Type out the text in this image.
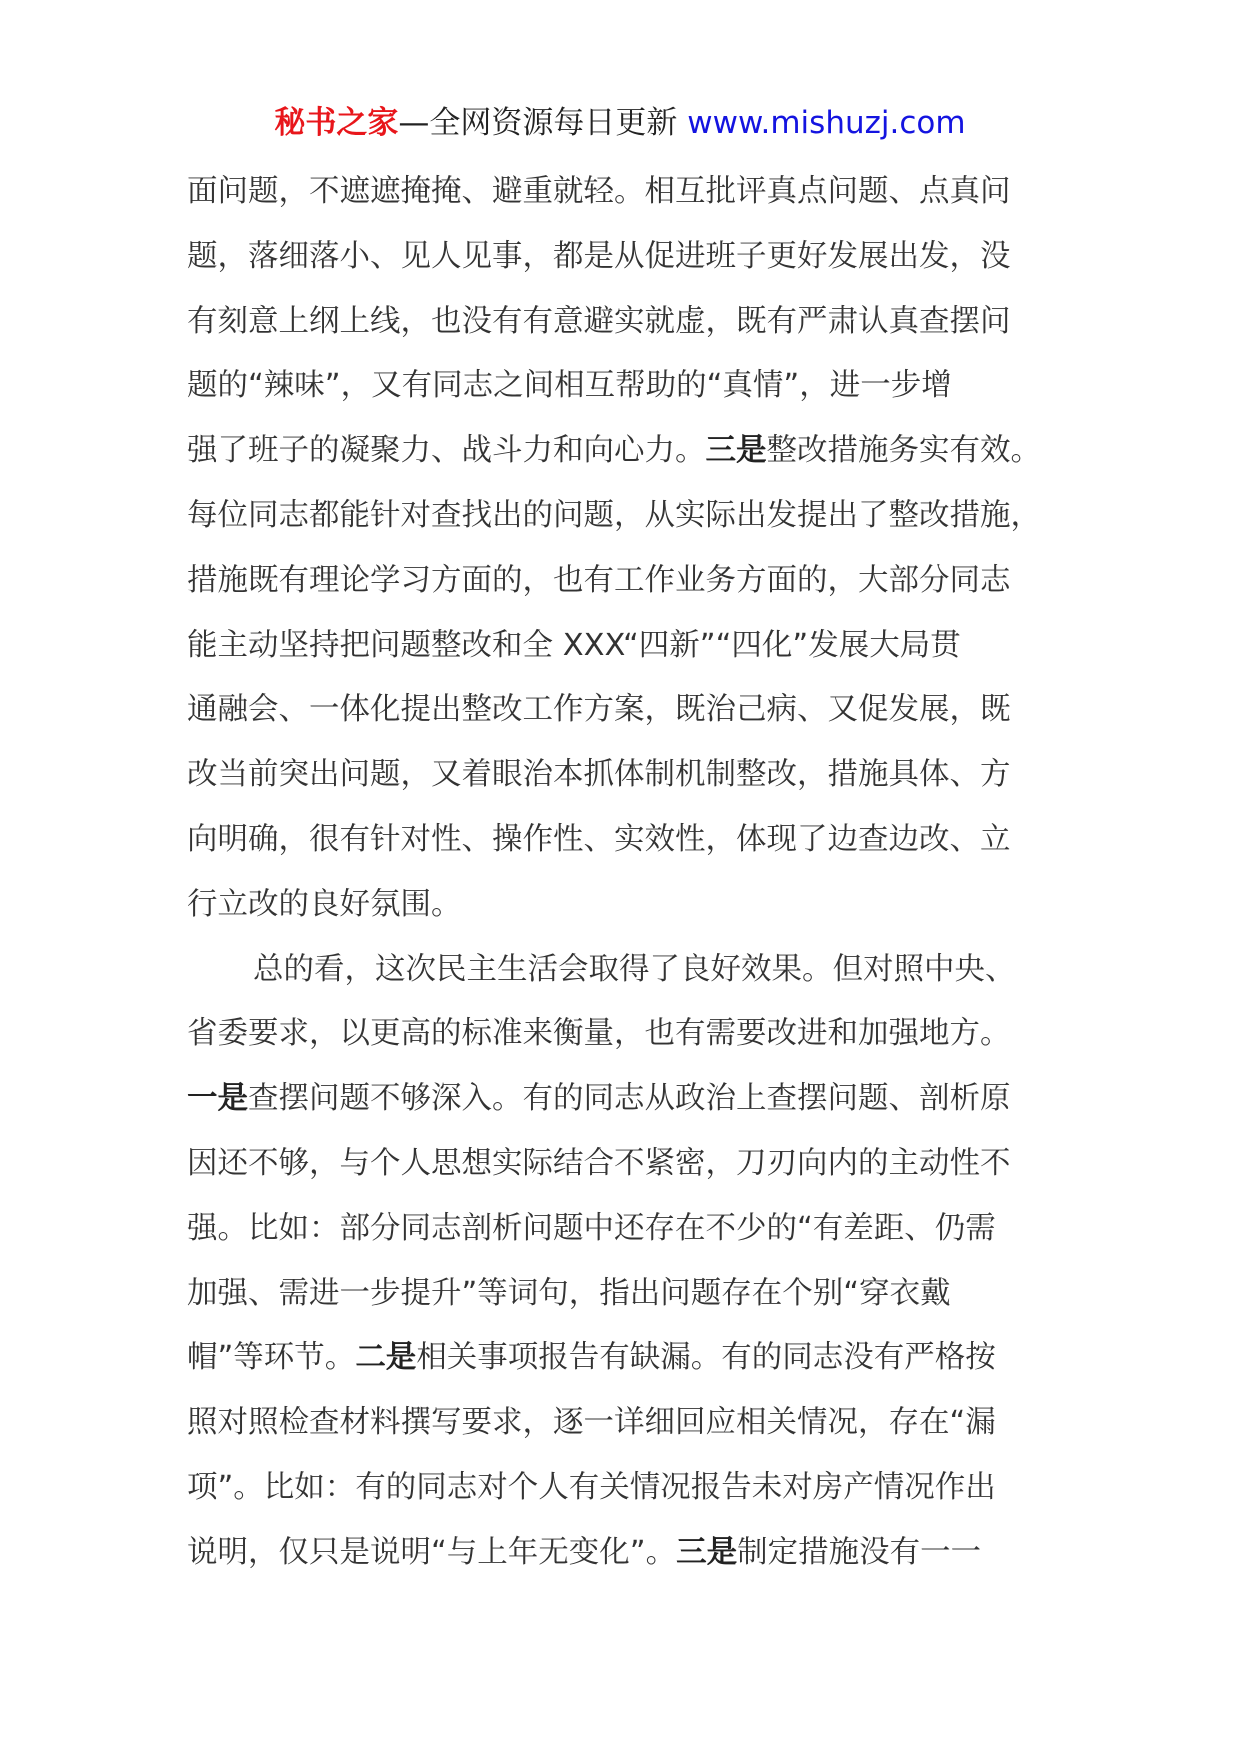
秘书之家—全网资源每日更新 www.mishuzj.com
面问题，不遮遮掩掩、避重就轻。相互批评真点问题、点真问
题，落细落小、见人见事，都是从促进班子更好发展出发，没
有刻意上纲上线，也没有有意避实就虚，既有严肃认真查摆问
题的“辣味”，又有同志之间相互帮助的“真情”，进一步增
强了班子的凝聚力、战斗力和向心力。三是整改措施务实有效。
每位同志都能针对查找出的问题，从实际出发提出了整改措施，
措施既有理论学习方面的，也有工作业务方面的，大部分同志
能主动坚持把问题整改和全 XXX“四新”“四化”发展大局贯
通融会、一体化提出整改工作方案，既治己病、又促发展，既
改当前突出问题，又着眼治本抓体制机制整改，措施具体、方
向明确，很有针对性、操作性、实效性，体现了边查边改、立
行立改的良好氛围。
总的看，这次民主生活会取得了良好效果。但对照中央、
省委要求，以更高的标准来衡量，也有需要改进和加强地方。
一是查摆问题不够深入。有的同志从政治上查摆问题、剖析原
因还不够，与个人思想实际结合不紧密，刀刃向内的主动性不
强。比如：部分同志剖析问题中还存在不少的“有差距、仍需
加强、需进一步提升”等词句，指出问题存在个别“穿衣戴
帽”等环节。二是相关事项报告有缺漏。有的同志没有严格按
照对照检查材料撰写要求，逐一详细回应相关情况，存在“漏
项”。比如：有的同志对个人有关情况报告未对房产情况作出
说明，仅只是说明“与上年无变化”。三是制定措施没有一一
